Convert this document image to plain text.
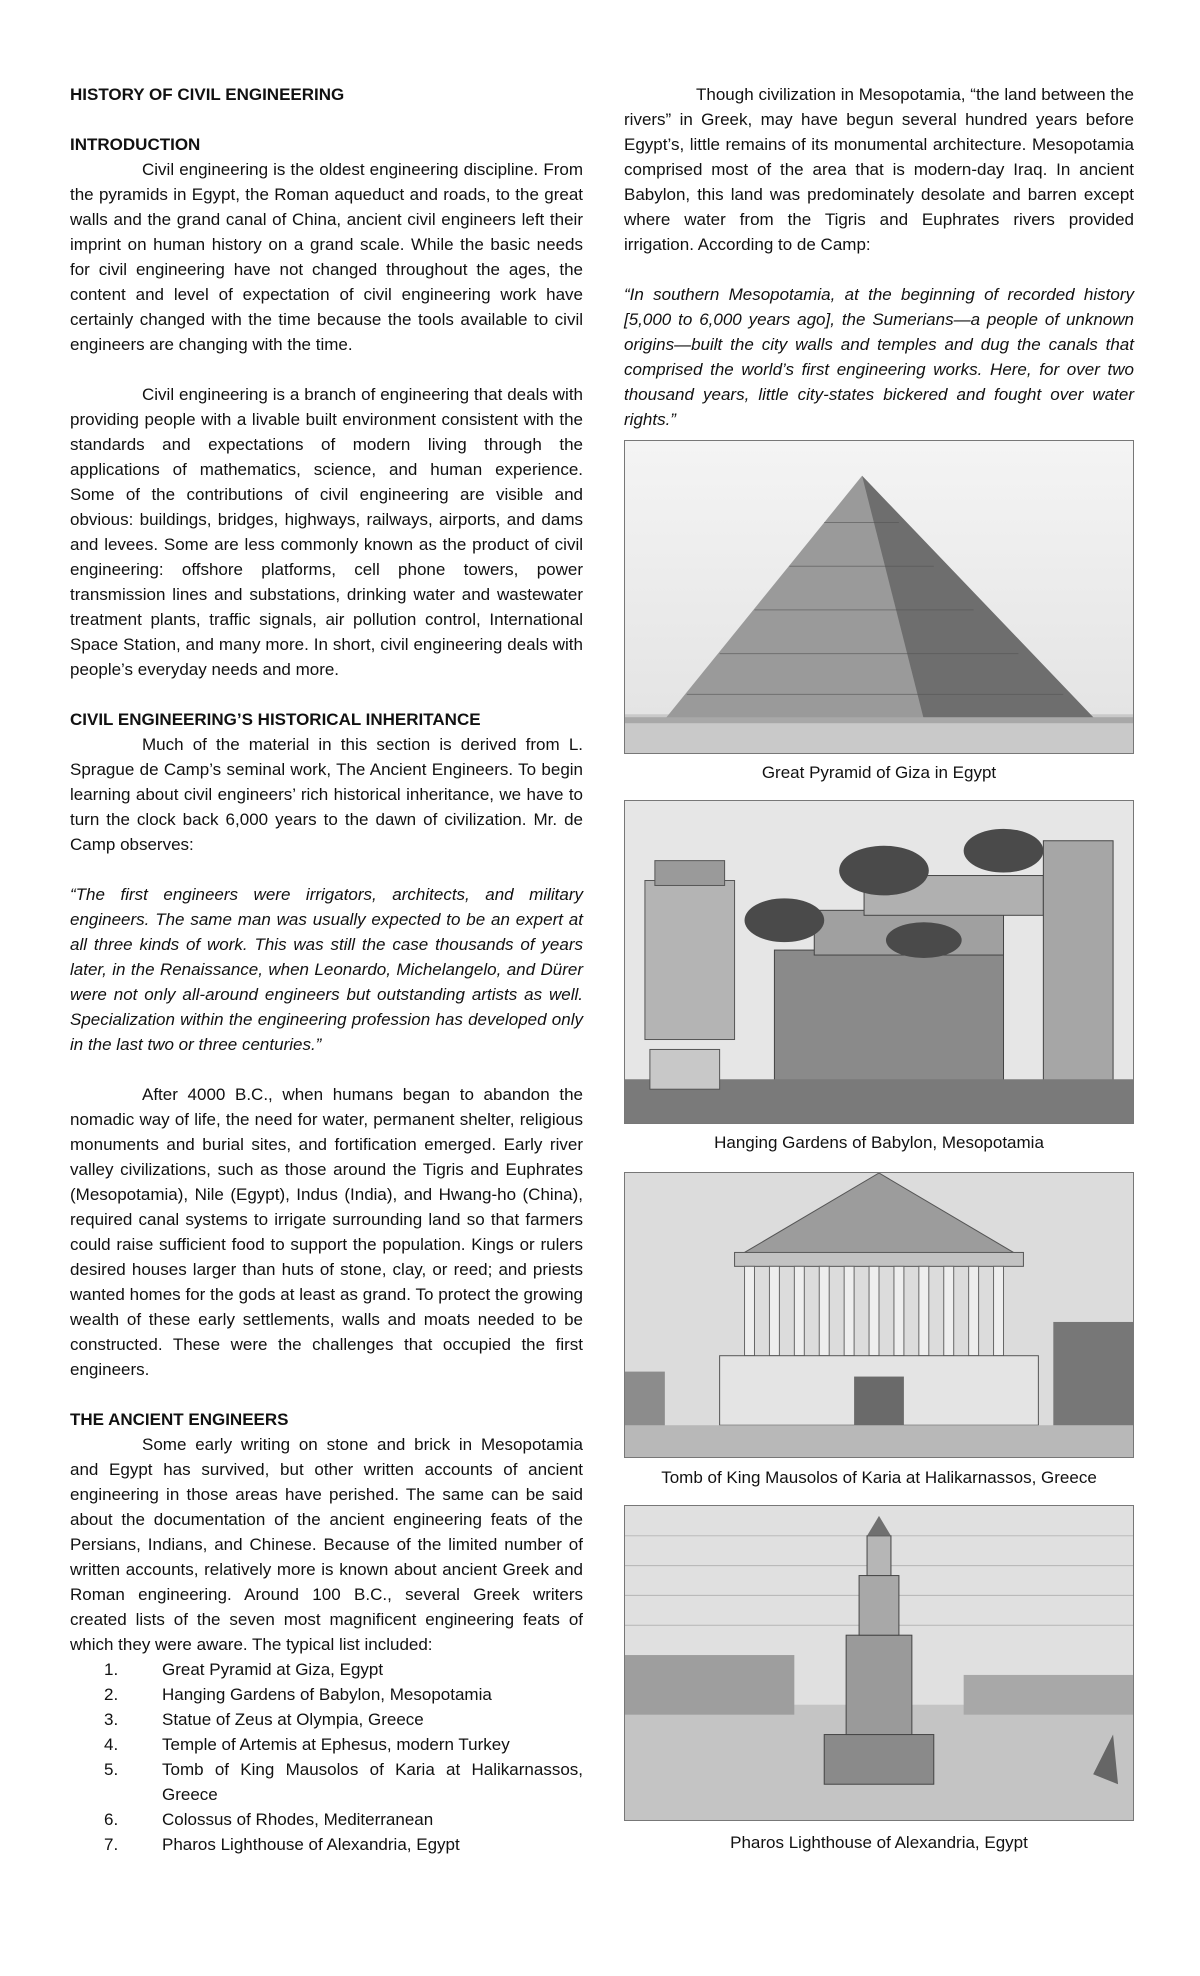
HISTORY OF CIVIL ENGINEERING

INTRODUCTION

Civil engineering is the oldest engineering discipline. From the pyramids in Egypt, the Roman aqueduct and roads, to the great walls and the grand canal of China, ancient civil engineers left their imprint on human history on a grand scale. While the basic needs for civil engineering have not changed throughout the ages, the content and level of expectation of civil engineering work have certainly changed with the time because the tools available to civil engineers are changing with the time.

Civil engineering is a branch of engineering that deals with providing people with a livable built environment consistent with the standards and expectations of modern living through the applications of mathematics, science, and human experience. Some of the contributions of civil engineering are visible and obvious: buildings, bridges, highways, railways, airports, and dams and levees. Some are less commonly known as the product of civil engineering: offshore platforms, cell phone towers, power transmission lines and substations, drinking water and wastewater treatment plants, traffic signals, air pollution control, International Space Station, and many more. In short, civil engineering deals with people’s everyday needs and more.

CIVIL ENGINEERING’S HISTORICAL INHERITANCE

Much of the material in this section is derived from L. Sprague de Camp’s seminal work, The Ancient Engineers. To begin learning about civil engineers’ rich historical inheritance, we have to turn the clock back 6,000 years to the dawn of civilization. Mr. de Camp observes:

“The first engineers were irrigators, architects, and military engineers. The same man was usually expected to be an expert at all three kinds of work. This was still the case thousands of years later, in the Renaissance, when Leonardo, Michelangelo, and Dürer were not only all-around engineers but outstanding artists as well. Specialization within the engineering profession has developed only in the last two or three centuries.”

After 4000 B.C., when humans began to abandon the nomadic way of life, the need for water, permanent shelter, religious monuments and burial sites, and fortification emerged. Early river valley civilizations, such as those around the Tigris and Euphrates (Mesopotamia), Nile (Egypt), Indus (India), and Hwang-ho (China), required canal systems to irrigate surrounding land so that farmers could raise sufficient food to support the population. Kings or rulers desired houses larger than huts of stone, clay, or reed; and priests wanted homes for the gods at least as grand. To protect the growing wealth of these early settlements, walls and moats needed to be constructed. These were the challenges that occupied the first engineers.

THE ANCIENT ENGINEERS

Some early writing on stone and brick in Mesopotamia and Egypt has survived, but other written accounts of ancient engineering in those areas have perished. The same can be said about the documentation of the ancient engineering feats of the Persians, Indians, and Chinese. Because of the limited number of written accounts, relatively more is known about ancient Greek and Roman engineering. Around 100 B.C., several Greek writers created lists of the seven most magnificent engineering feats of which they were aware. The typical list included:

1.	Great Pyramid at Giza, Egypt
2.	Hanging Gardens of Babylon, Mesopotamia
3.	Statue of Zeus at Olympia, Greece
4.	Temple of Artemis at Ephesus, modern Turkey
5.	Tomb of King Mausolos of Karia at Halikarnassos, Greece
6.	Colossus of Rhodes, Mediterranean
7.	Pharos Lighthouse of Alexandria, Egypt

Though civilization in Mesopotamia, “the land between the rivers” in Greek, may have begun several hundred years before Egypt’s, little remains of its monumental architecture. Mesopotamia comprised most of the area that is modern-day Iraq. In ancient Babylon, this land was predominately desolate and barren except where water from the Tigris and Euphrates rivers provided irrigation. According to de Camp:

“In southern Mesopotamia, at the beginning of recorded history [5,000 to 6,000 years ago], the Sumerians—a people of unknown origins—built the city walls and temples and dug the canals that comprised the world’s first engineering works. Here, for over two thousand years, little city-states bickered and fought over water rights.”

Great Pyramid of Giza in Egypt
Hanging Gardens of Babylon, Mesopotamia
Tomb of King Mausolos of Karia at Halikarnassos, Greece
Pharos Lighthouse of Alexandria, Egypt
